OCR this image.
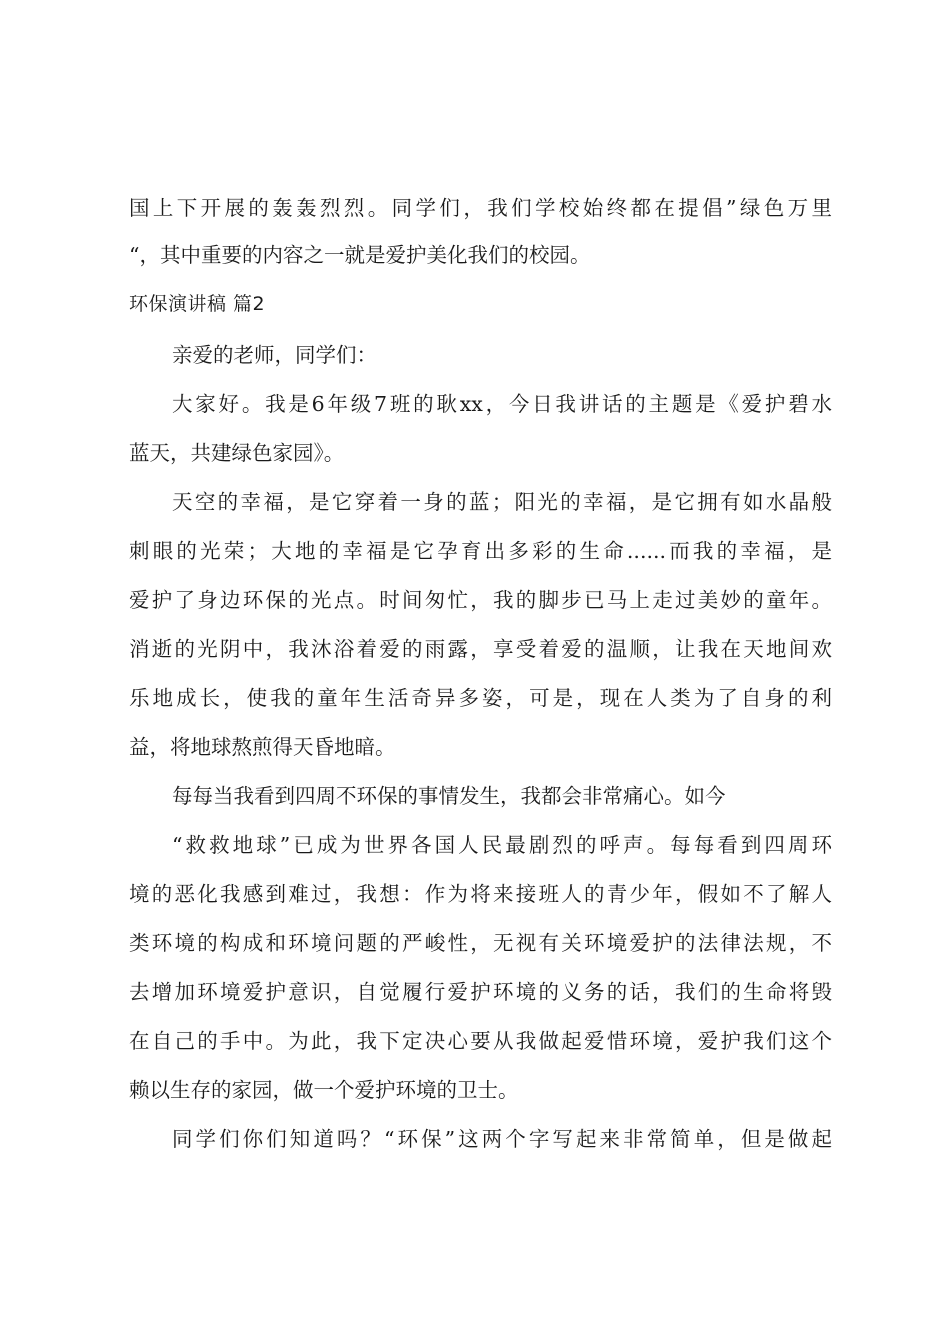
国上下开展的轰轰烈烈。同学们，我们学校始终都在提倡”绿色万里
“，其中重要的内容之一就是爱护美化我们的校园。
环保演讲稿 篇2
亲爱的老师，同学们：
大家好。我是6年级7班的耿xx，今日我讲话的主题是《爱护碧水
蓝天，共建绿色家园》。
天空的幸福，是它穿着一身的蓝；阳光的幸福，是它拥有如水晶般
刺眼的光荣；大地的幸福是它孕育出多彩的生命......而我的幸福，是
爱护了身边环保的光点。时间匆忙，我的脚步已马上走过美妙的童年。
消逝的光阴中，我沐浴着爱的雨露，享受着爱的温顺，让我在天地间欢
乐地成长，使我的童年生活奇异多姿，可是，现在人类为了自身的利
益，将地球熬煎得天昏地暗。
每每当我看到四周不环保的事情发生，我都会非常痛心。如今
“救救地球”已成为世界各国人民最剧烈的呼声。每每看到四周环
境的恶化我感到难过，我想：作为将来接班人的青少年，假如不了解人
类环境的构成和环境问题的严峻性，无视有关环境爱护的法律法规，不
去增加环境爱护意识，自觉履行爱护环境的义务的话，我们的生命将毁
在自己的手中。为此，我下定决心要从我做起爱惜环境，爱护我们这个
赖以生存的家园，做一个爱护环境的卫士。
同学们你们知道吗？“环保”这两个字写起来非常简单，但是做起
